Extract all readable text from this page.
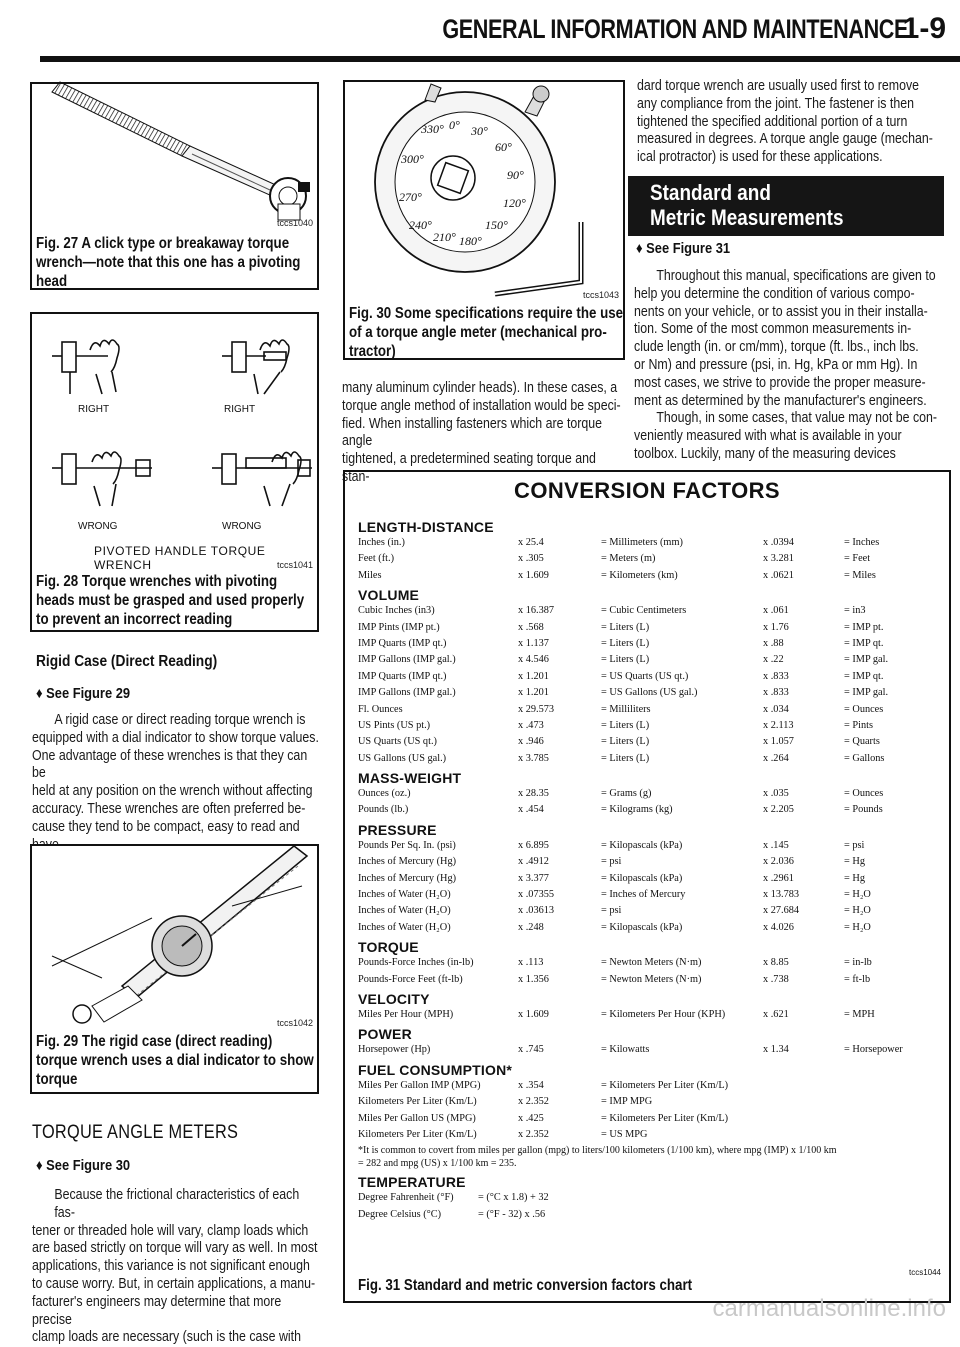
GENERAL INFORMATION AND MAINTENANCE
1-9
tccs1040
Fig. 27 A click type or breakaway torque
wrench—note that this one has a pivoting
head
RIGHT	RIGHT
WRONG	WRONG
PIVOTED HANDLE TORQUE WRENCH	tccs1041
Fig. 28 Torque wrenches with pivoting
heads must be grasped and used properly
to prevent an incorrect reading
Rigid Case (Direct Reading)
♦ See Figure 29
A rigid case or direct reading torque wrench is
equipped with a dial indicator to show torque values.
One advantage of these wrenches is that they can be
held at any position on the wrench without affecting
accuracy. These wrenches are often preferred be-
cause they tend to be compact, easy to read and
tccs1042
Fig. 29 The rigid case (direct reading)
torque wrench uses a dial indicator to show
torque
TORQUE ANGLE METERS
♦ See Figure 30
Because the frictional characteristics of each fas-
tener or threaded hole will vary, clamp loads which
are based strictly on torque will vary as well. In most
applications, this variance is not significant enough
to cause worry. But, in certain applications, a manu-
facturer's engineers may determine that more precise
clamp loads are necessary (such is the case with
330° 0° 30°
60°
300°
90°
270°	120°
240°	150°
210° 180°
tccs1043
Fig. 30 Some specifications require the use
of a torque angle meter (mechanical pro-
tractor)
many aluminum cylinder heads). In these cases, a
torque angle method of installation would be speci-
fied. When installing fasteners which are torque angle
tightened, a predetermined seating torque and stan-
dard torque wrench are usually used first to remove
any compliance from the joint. The fastener is then
tightened the specified additional portion of a turn
measured in degrees. A torque angle gauge (mechan-
ical protractor) is used for these applications.
Standard and
Metric Measurements
♦ See Figure 31
Throughout this manual, specifications are given to
help you determine the condition of various compo-
nents on your vehicle, or to assist you in their installa-
tion. Some of the most common measurements in-
clude length (in. or cm/mm), torque (ft. lbs., inch lbs.
or Nm) and pressure (psi, in. Hg, kPa or mm Hg). In
most cases, we strive to provide the proper measure-
ment as determined by the manufacturer's engineers.
Though, in some cases, that value may not be con-
veniently measured with what is available in your
toolbox. Luckily, many of the measuring devices
CONVERSION FACTORS
LENGTH-DISTANCE
Inches (in.)	x 25.4	= Millimeters (mm)	x .0394	= Inches
Feet (ft.)	x .305	= Meters (m)	x 3.281	= Feet
Miles	x 1.609	= Kilometers (km)	x .0621	= Miles
VOLUME
Cubic Inches (in3)	x 16.387	= Cubic Centimeters	x .061	= in3
IMP Pints (IMP pt.)	x .568	= Liters (L)	x 1.76	= IMP pt.
IMP Quarts (IMP qt.)	x 1.137	= Liters (L)	x .88	= IMP qt.
IMP Gallons (IMP gal.)	x 4.546	= Liters (L)	x .22	= IMP gal.
IMP Quarts (IMP qt.)	x 1.201	= US Quarts (US qt.)	x .833	= IMP qt.
IMP Gallons (IMP gal.)	x 1.201	= US Gallons (US gal.)	x .833	= IMP gal.
Fl. Ounces	x 29.573	= Milliliters	x .034	= Ounces
US Pints (US pt.)	x .473	= Liters (L)	x 2.113	= Pints
US Quarts (US qt.)	x .946	= Liters (L)	x 1.057	= Quarts
US Gallons (US gal.)	x 3.785	= Liters (L)	x .264	= Gallons
MASS-WEIGHT
Ounces (oz.)	x 28.35	= Grams (g)	x .035	= Ounces
Pounds (lb.)	x .454	= Kilograms (kg)	x 2.205	= Pounds
PRESSURE
Pounds Per Sq. In. (psi)	x 6.895	= Kilopascals (kPa)	x .145	= psi
Inches of Mercury (Hg)	x .4912	= psi	x 2.036	= Hg
Inches of Mercury (Hg)	x 3.377	= Kilopascals (kPa)	x .2961	= Hg
Inches of Water (H₂O)	x .07355	= Inches of Mercury	x 13.783	= H₂O
Inches of Water (H₂O)	x .03613	= psi	x 27.684	= H₂O
Inches of Water (H₂O)	x .248	= Kilopascals (kPa)	x 4.026	= H₂O
TORQUE
Pounds-Force Inches (in-lb)	x .113	= Newton Meters (N·m)	x 8.85	= in-lb
Pounds-Force Feet (ft-lb)	x 1.356	= Newton Meters (N·m)	x .738	= ft-lb
VELOCITY
Miles Per Hour (MPH)	x 1.609	= Kilometers Per Hour (KPH)	x .621	= MPH
POWER
Horsepower (Hp)	x .745	= Kilowatts	x 1.34	= Horsepower
FUEL CONSUMPTION*
Miles Per Gallon IMP (MPG)	x .354	= Kilometers Per Liter (Km/L)
Kilometers Per Liter (Km/L)	x 2.352	= IMP MPG
Miles Per Gallon US (MPG)	x .425	= Kilometers Per Liter (Km/L)
Kilometers Per Liter (Km/L)	x 2.352	= US MPG
*It is common to covert from miles per gallon (mpg) to liters/100 kilometers (1/100 km), where mpg (IMP) x 1/100 km
= 282 and mpg (US) x 1/100 km = 235.
TEMPERATURE
Degree Fahrenheit (°F) = (°C x 1.8) + 32
Degree Celsius (°C)	= (°F - 32) x .56
tccs1044
Fig. 31 Standard and metric conversion factors chart
carmanualsonline.info
